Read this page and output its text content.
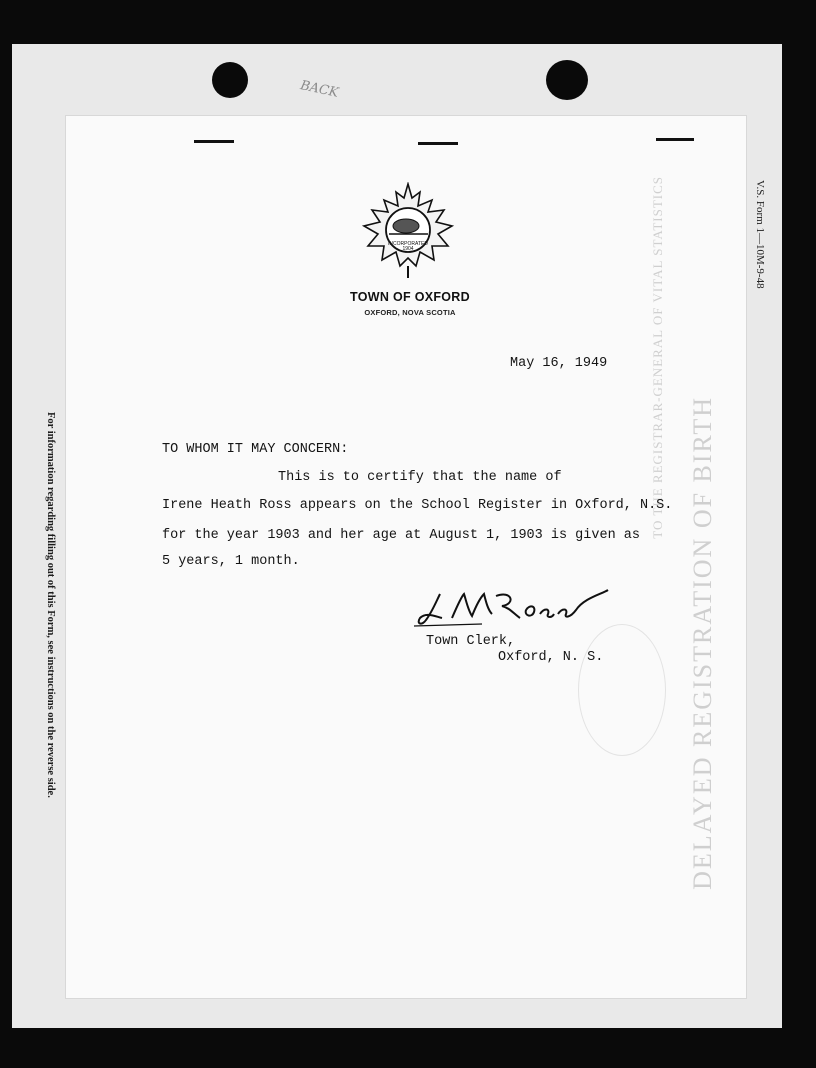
BACK
V.S. Form 1—10M-9-48
For information regarding filling out of this Form, see instructions on the reverse side.	DELAYED REGISTRATION OF BIRTH
TO THE REGISTRAR-GENERAL OF VITAL STATISTICS
INCORPORATED
1904
TOWN OF OXFORD
OXFORD, NOVA SCOTIA
May 16, 1949
TO WHOM IT MAY CONCERN:
This is to certify that the name of
Irene Heath Ross appears on the School Register in Oxford, N.S.
for the year 1903 and her age at August 1, 1903 is given as
5 years, 1 month.
Town Clerk,
Oxford, N. S.
